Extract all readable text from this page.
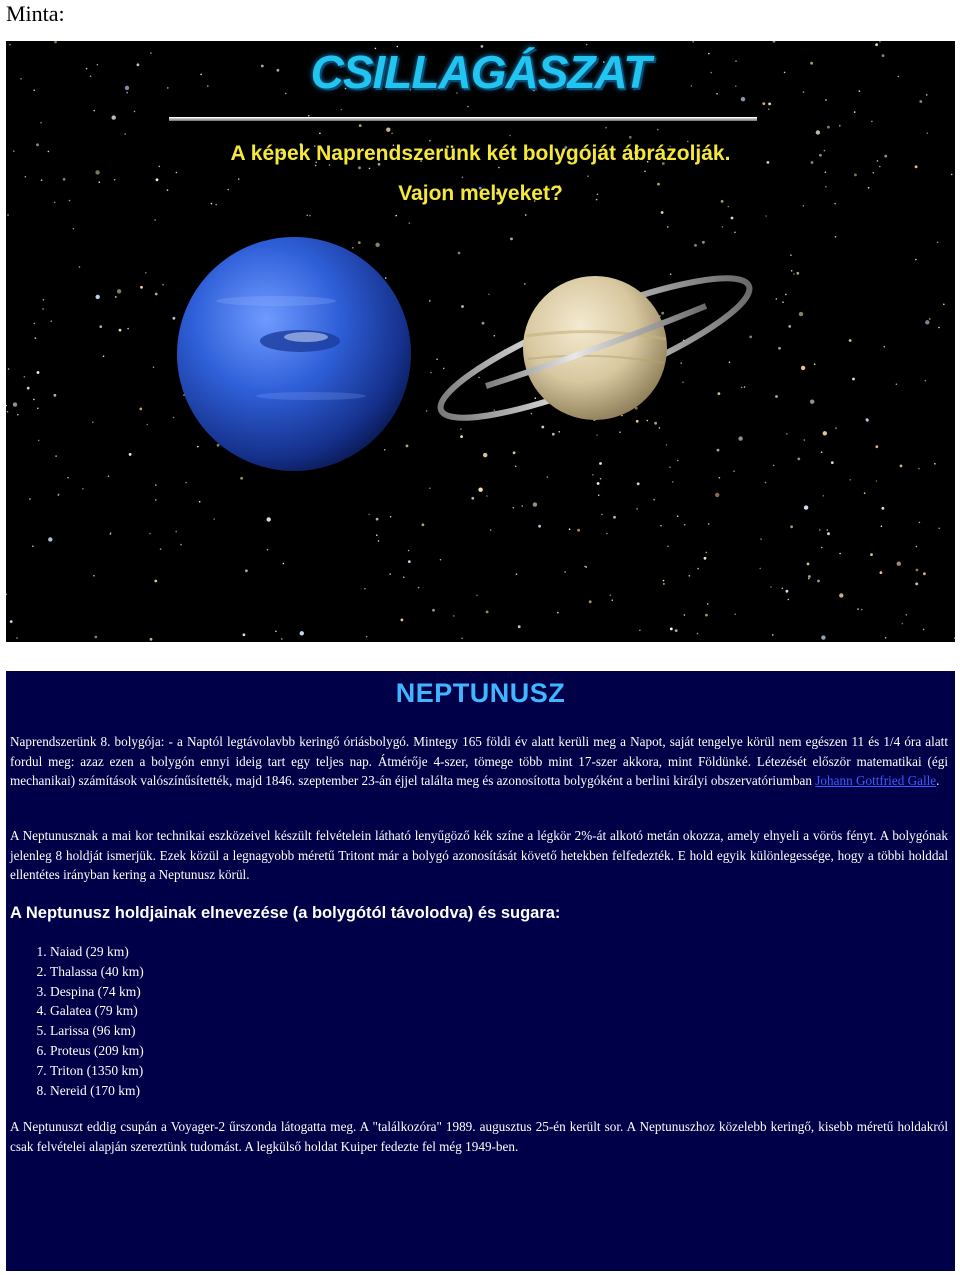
Minta:
CSILLAGÁSZAT
A képek Naprendszerünk két bolygóját ábrázolják.
Vajon melyeket?
NEPTUNUSZ
Naprendszerünk 8. bolygója: - a Naptól legtávolavbb keringő óriásbolygó. Mintegy 165 földi év alatt kerüli meg a Napot, saját tengelye körül nem egészen 11 és 1/4 óra alatt fordul meg: azaz ezen a bolygón ennyi ideig tart egy teljes nap. Átmérője 4-szer, tömege több mint 17-szer akkora, mint Földünké. Létezését először matematikai (égi mechanikai) számítások valószínűsítették, majd 1846. szeptember 23-án éjjel találta meg és azonosította bolygóként a berlini királyi obszervatóriumban Johann Gottfried Galle.
A Neptunusznak a mai kor technikai eszközeivel készült felvételein látható lenyűgöző kék színe a légkör 2%-át alkotó metán okozza, amely elnyeli a vörös fényt. A bolygónak jelenleg 8 holdját ismerjük. Ezek közül a legnagyobb méretű Tritont már a bolygó azonosítását követő hetekben felfedezték. E hold egyik különlegessége, hogy a többi holddal ellentétes irányban kering a Neptunusz körül.
A Neptunusz holdjainak elnevezése (a bolygótól távolodva) és sugara:
1. Naiad (29 km)
2. Thalassa (40 km)
3. Despina (74 km)
4. Galatea (79 km)
5. Larissa (96 km)
6. Proteus (209 km)
7. Triton (1350 km)
8. Nereid (170 km)
A Neptunuszt eddig csupán a Voyager-2 űrszonda látogatta meg. A "találkozóra" 1989. augusztus 25-én került sor. A Neptunuszhoz közelebb keringő, kisebb méretű holdakról csak felvételei alapján szereztünk tudomást. A legkülső holdat Kuiper fedezte fel még 1949-ben.
